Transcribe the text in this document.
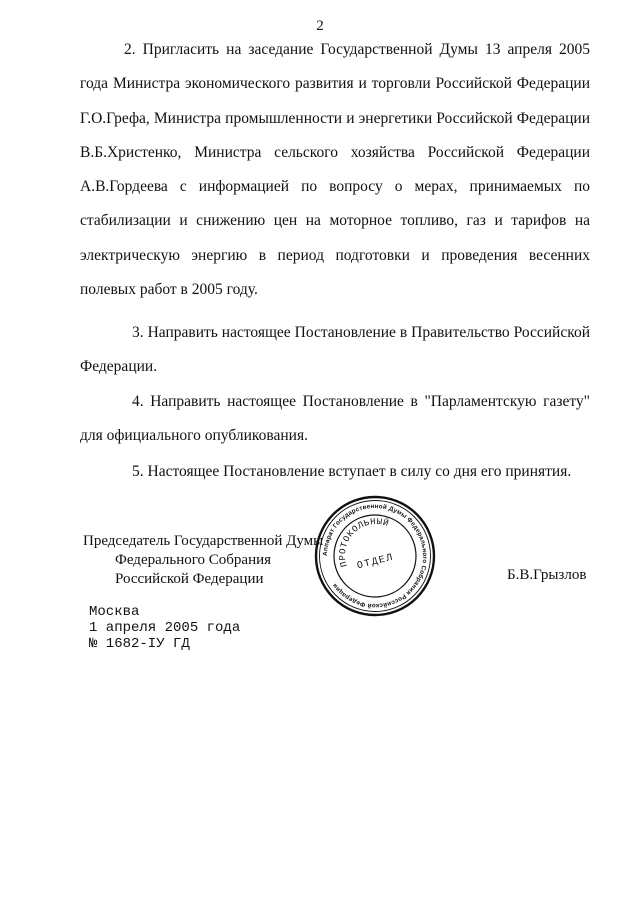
2
2. Пригласить на заседание Государственной Думы 13 апреля 2005
года Министра экономического развития и торговли Российской Федерации
Г.О.Грефа, Министра промышленности и энергетики Российской Федерации
В.Б.Христенко, Министра сельского хозяйства Российской Федерации
А.В.Гордеева с информацией по вопросу о мерах, принимаемых по
стабилизации и снижению цен на моторное топливо, газ и тарифов на
электрическую энергию в период подготовки и проведения весенних
полевых работ в 2005 году.
3. Направить настоящее Постановление в Правительство Российской
Федерации.
4. Направить настоящее Постановление в "Парламентскую газету"
для официального опубликования.
5. Настоящее Постановление вступает в силу со дня его принятия.
Председатель Государственной Думы
Федерального Собрания
Российской Федерации
Аппарат Государственной Думы Федерального Собрания Российской Федерации
ПРОТОКОЛЬНЫЙ
ОТДЕЛ
Б.В.Грызлов
Москва
1 апреля 2005 года
№ 1682-IУ ГД
